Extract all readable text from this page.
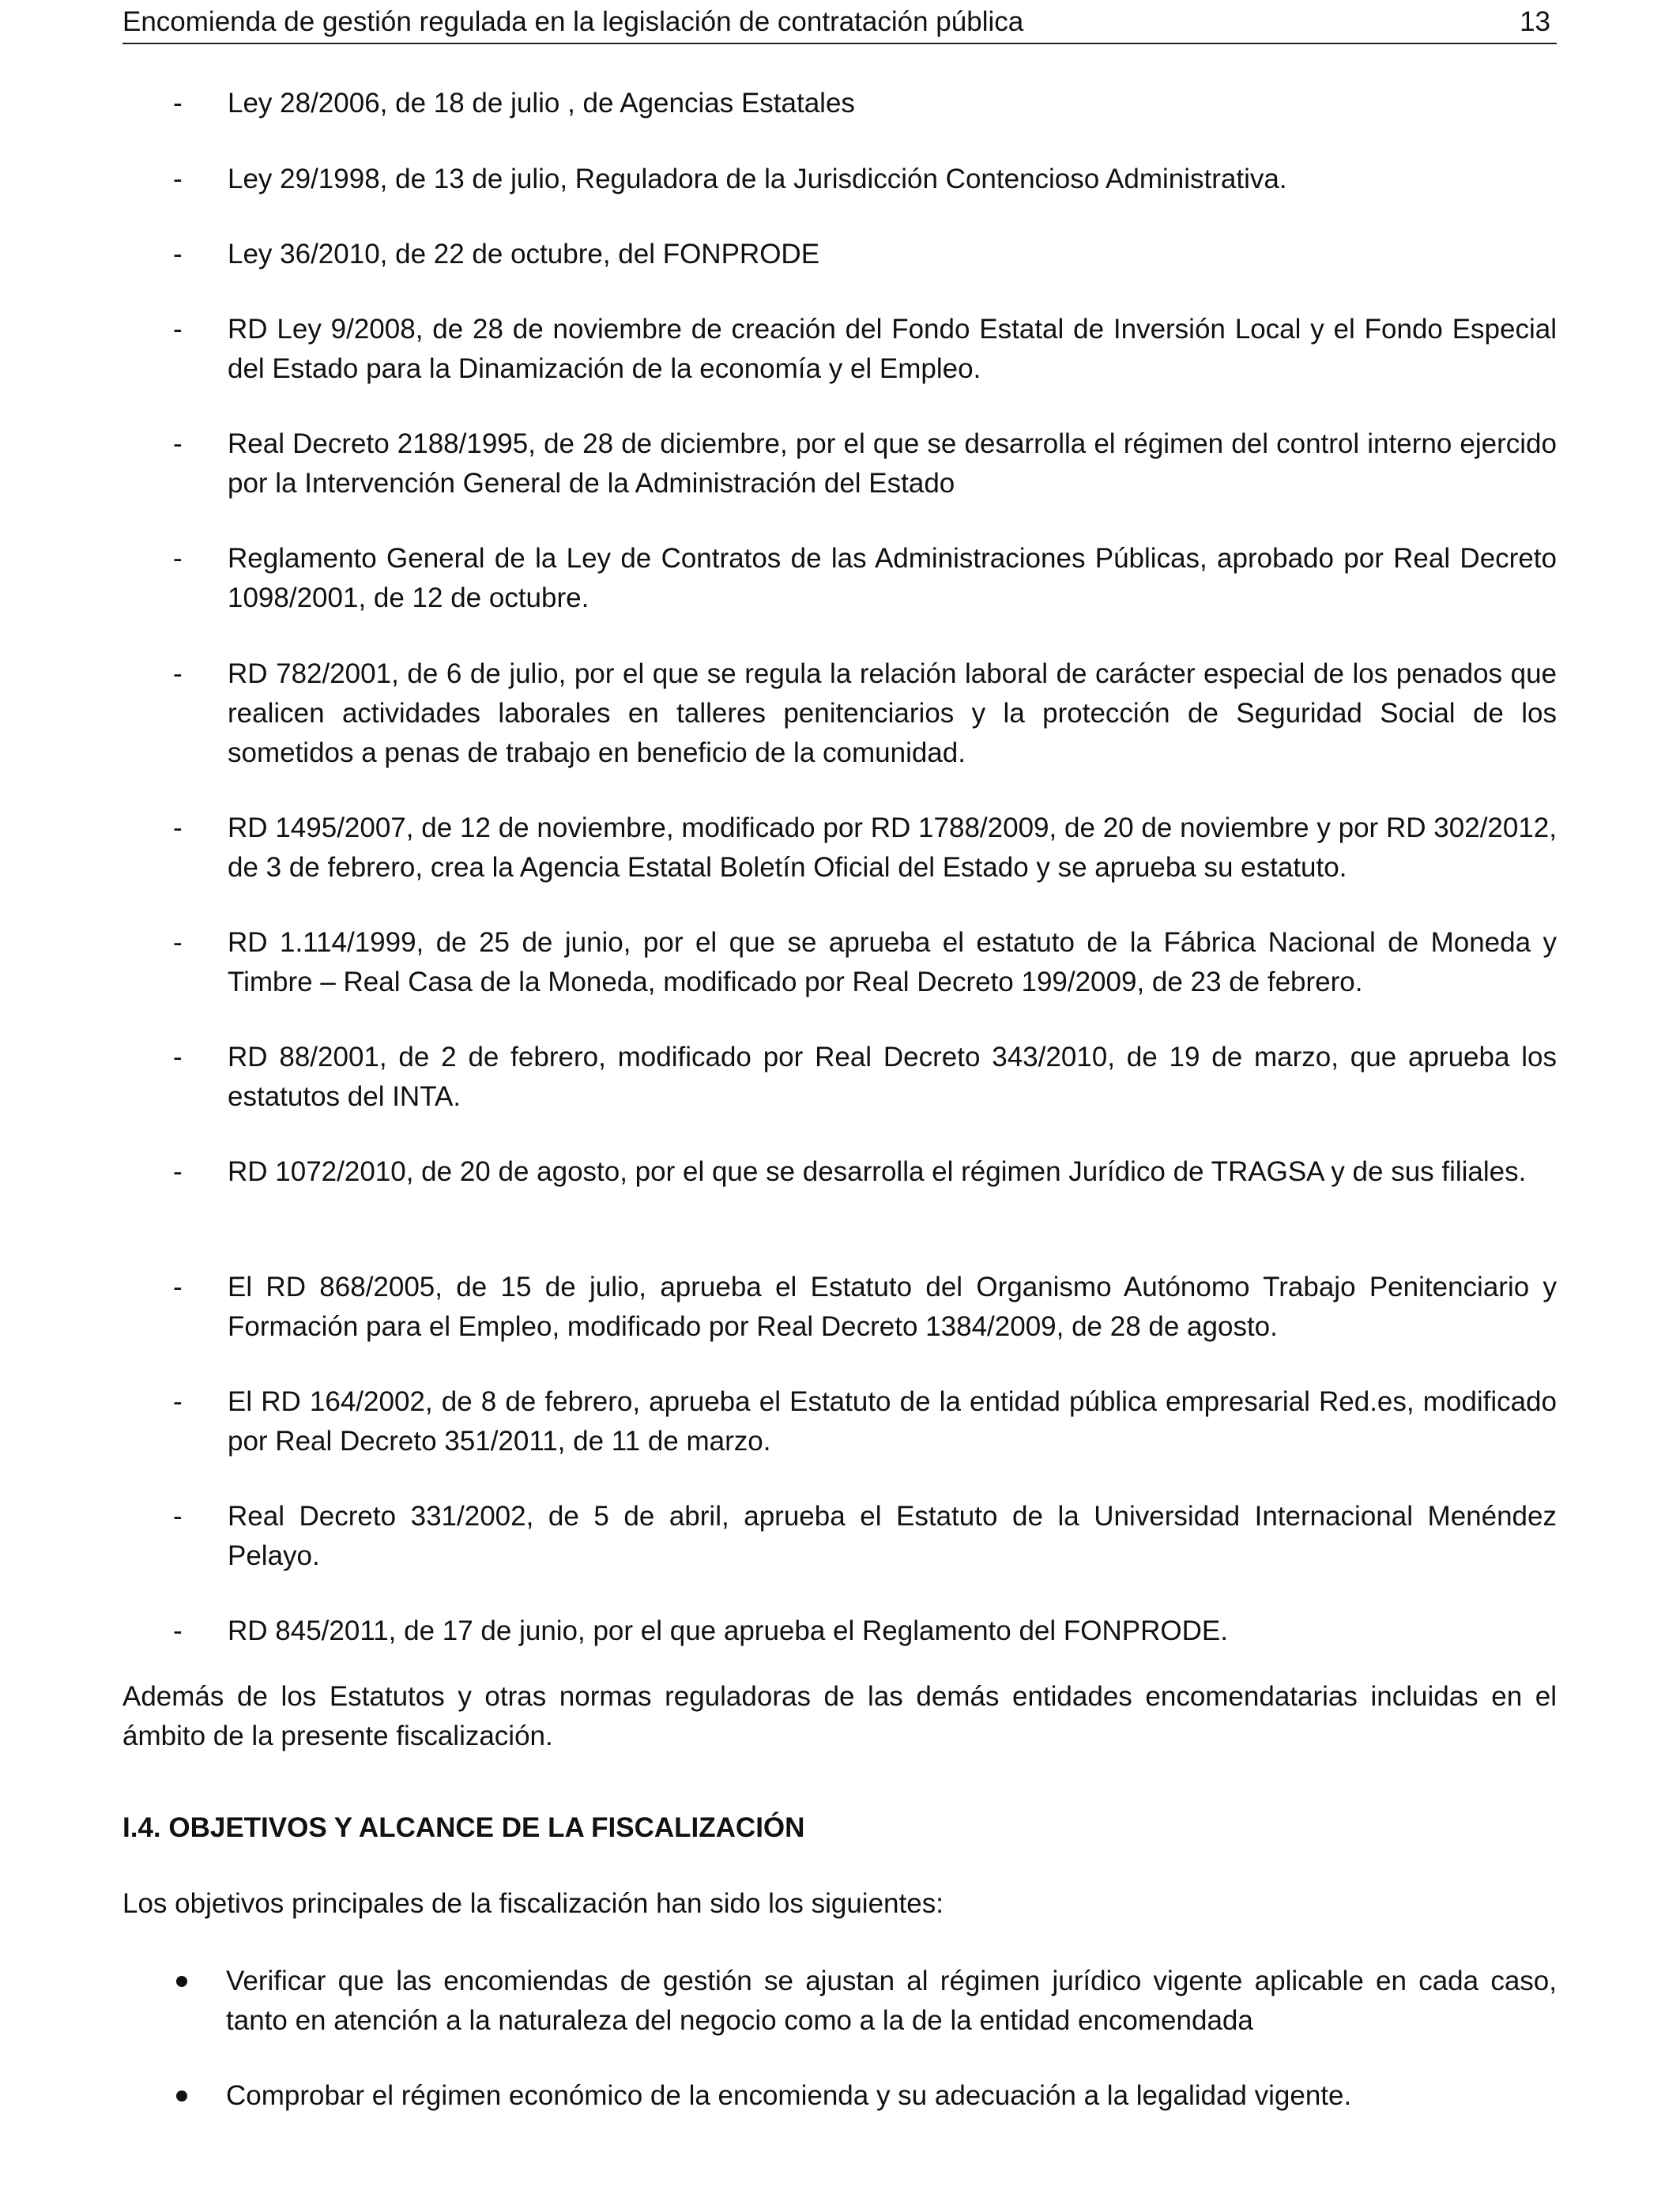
Encomienda de gestión regulada en la legislación de contratación pública	13
- Ley 28/2006, de 18 de julio , de Agencias Estatales
- Ley 29/1998, de 13 de julio, Reguladora de la Jurisdicción Contencioso Administrativa.
- Ley 36/2010, de 22 de octubre, del FONPRODE
- RD Ley 9/2008, de 28 de noviembre de creación del Fondo Estatal de Inversión Local y el Fondo Especial del Estado para la Dinamización de la economía y el Empleo.
- Real Decreto 2188/1995, de 28 de diciembre, por el que se desarrolla el régimen del control interno ejercido por la Intervención General de la Administración del Estado
- Reglamento General de la Ley de Contratos de las Administraciones Públicas, aprobado por Real Decreto 1098/2001, de 12 de octubre.
- RD 782/2001, de 6 de julio, por el que se regula la relación laboral de carácter especial de los penados que realicen actividades laborales en talleres penitenciarios y la protección de Seguridad Social de los sometidos a penas de trabajo en beneficio de la comunidad.
- RD 1495/2007, de 12 de noviembre, modificado por RD 1788/2009, de 20 de noviembre y por RD 302/2012, de 3 de febrero, crea la Agencia Estatal Boletín Oficial del Estado y se aprueba su estatuto.
- RD 1.114/1999, de 25 de junio, por el que se aprueba el estatuto de la Fábrica Nacional de Moneda y Timbre – Real Casa de la Moneda, modificado por Real Decreto 199/2009, de 23 de febrero.
- RD 88/2001, de 2 de febrero, modificado por Real Decreto 343/2010, de 19 de marzo, que aprueba los estatutos del INTA.
- RD 1072/2010, de 20 de agosto, por el que se desarrolla el régimen Jurídico de TRAGSA y de sus filiales.
- El RD 868/2005, de 15 de julio, aprueba el Estatuto del Organismo Autónomo Trabajo Penitenciario y Formación para el Empleo, modificado por Real Decreto 1384/2009, de 28 de agosto.
- El RD 164/2002, de 8 de febrero, aprueba el Estatuto de la entidad pública empresarial Red.es, modificado por Real Decreto 351/2011, de 11 de marzo.
- Real Decreto 331/2002, de 5 de abril, aprueba el Estatuto de la Universidad Internacional Menéndez Pelayo.
- RD 845/2011, de 17 de junio, por el que aprueba el Reglamento del FONPRODE.

Además de los Estatutos y otras normas reguladoras de las demás entidades encomendatarias incluidas en el ámbito de la presente fiscalización.

I.4. OBJETIVOS Y ALCANCE DE LA FISCALIZACIÓN

Los objetivos principales de la fiscalización han sido los siguientes:

Verificar que las encomiendas de gestión se ajustan al régimen jurídico vigente aplicable en cada caso, tanto en atención a la naturaleza del negocio como a la de la entidad encomendada
Comprobar el régimen económico de la encomienda y su adecuación a la legalidad vigente.
